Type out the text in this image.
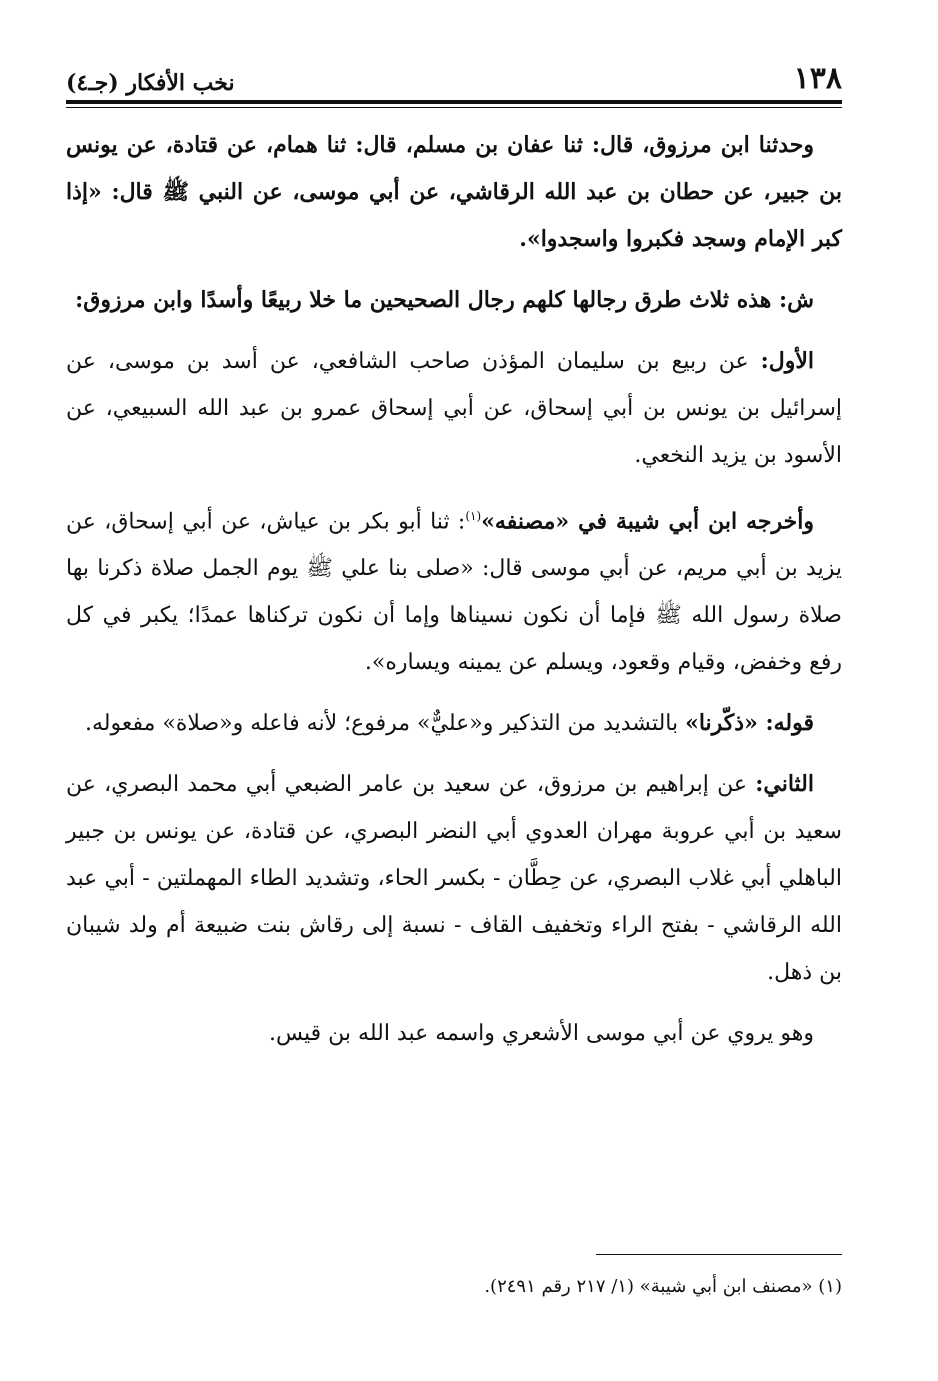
١٣٨
نخب الأفكار (جـ٤)

وحدثنا ابن مرزوق، قال: ثنا عفان بن مسلم، قال: ثنا همام، عن قتادة، عن يونس بن جبير، عن حطان بن عبد الله الرقاشي، عن أبي موسى، عن النبي ﷺ قال: «إذا كبر الإمام وسجد فكبروا واسجدوا».

ش: هذه ثلاث طرق رجالها كلهم رجال الصحيحين ما خلا ربيعًا وأسدًا وابن مرزوق:

الأول: عن ربيع بن سليمان المؤذن صاحب الشافعي، عن أسد بن موسى، عن إسرائيل بن يونس بن أبي إسحاق، عن أبي إسحاق عمرو بن عبد الله السبيعي، عن الأسود بن يزيد النخعي.

وأخرجه ابن أبي شيبة في «مصنفه»$^{(١)}$: ثنا أبو بكر بن عياش، عن أبي إسحاق، عن يزيد بن أبي مريم، عن أبي موسى قال: «صلى بنا علي ﷺ يوم الجمل صلاة ذكرنا بها صلاة رسول الله ﷺ فإما أن نكون نسيناها وإما أن نكون تركناها عمدًا؛ يكبر في كل رفع وخفض، وقيام وقعود، ويسلم عن يمينه ويساره».

قوله: «ذكّرنا» بالتشديد من التذكير و«عليٌّ» مرفوع؛ لأنه فاعله و«صلاة» مفعوله.

الثاني: عن إبراهيم بن مرزوق، عن سعيد بن عامر الضبعي أبي محمد البصري، عن سعيد بن أبي عروبة مهران العدوي أبي النضر البصري، عن قتادة، عن يونس بن جبير الباهلي أبي غلاب البصري، عن حِطَّان - بكسر الحاء، وتشديد الطاء المهملتين - أبي عبد الله الرقاشي - بفتح الراء وتخفيف القاف - نسبة إلى رقاش بنت ضبيعة أم ولد شيبان بن ذهل.

وهو يروي عن أبي موسى الأشعري واسمه عبد الله بن قيس.

(١) «مصنف ابن أبي شيبة» (١/ ٢١٧ رقم ٢٤٩١).
